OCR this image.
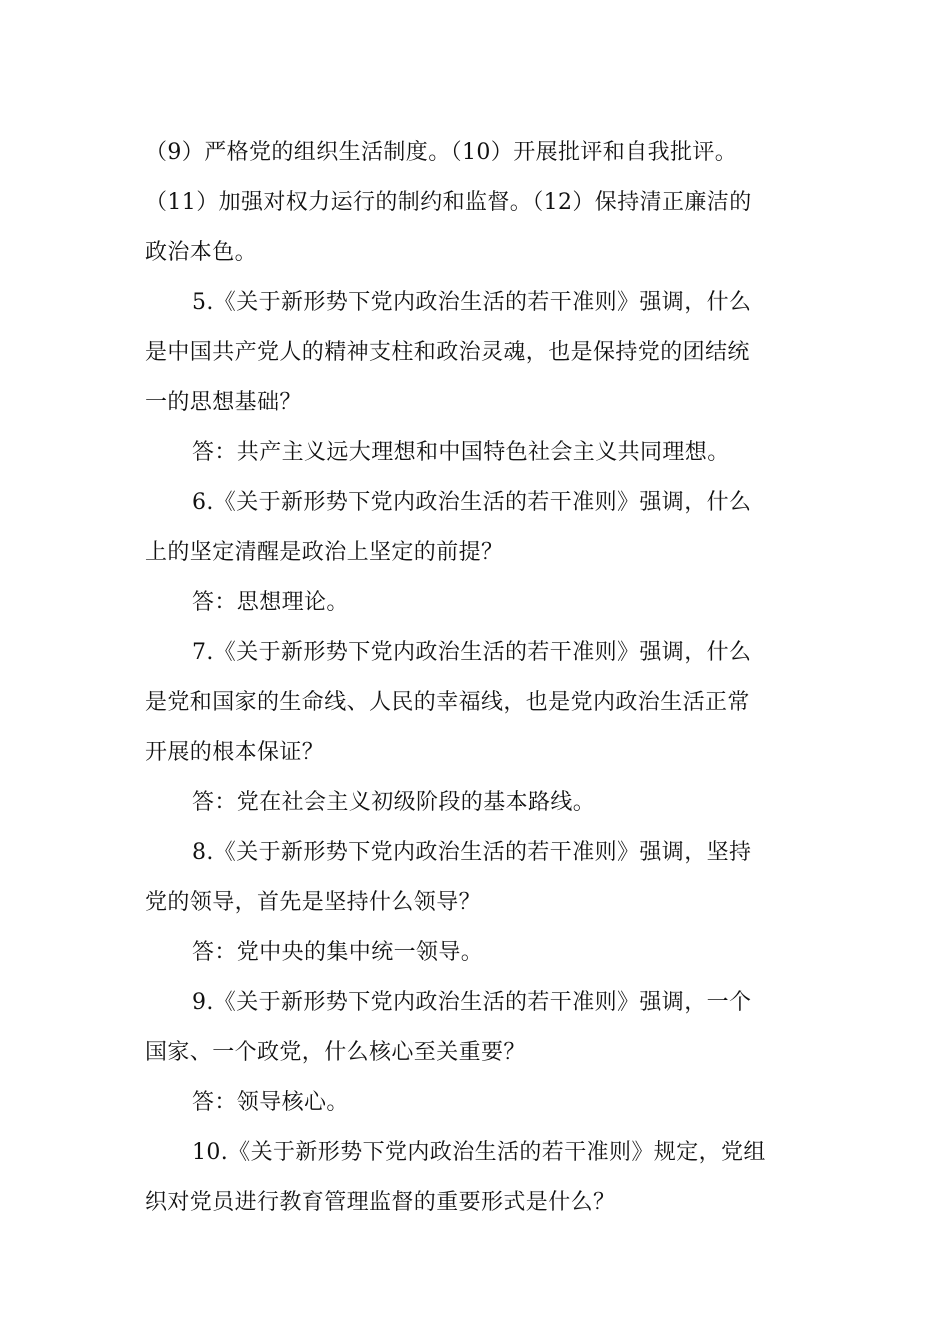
（9）严格党的组织生活制度。（10）开展批评和自我批评。
（11）加强对权力运行的制约和监督。（12）保持清正廉洁的
政治本色。
5.《关于新形势下党内政治生活的若干准则》强调，什么
是中国共产党人的精神支柱和政治灵魂，也是保持党的团结统
一的思想基础？
答：共产主义远大理想和中国特色社会主义共同理想。
6.《关于新形势下党内政治生活的若干准则》强调，什么
上的坚定清醒是政治上坚定的前提？
答：思想理论。
7.《关于新形势下党内政治生活的若干准则》强调，什么
是党和国家的生命线、人民的幸福线，也是党内政治生活正常
开展的根本保证？
答：党在社会主义初级阶段的基本路线。
8.《关于新形势下党内政治生活的若干准则》强调，坚持
党的领导，首先是坚持什么领导？
答：党中央的集中统一领导。
9.《关于新形势下党内政治生活的若干准则》强调，一个
国家、一个政党，什么核心至关重要？
答：领导核心。
10.《关于新形势下党内政治生活的若干准则》规定，党组
织对党员进行教育管理监督的重要形式是什么？
